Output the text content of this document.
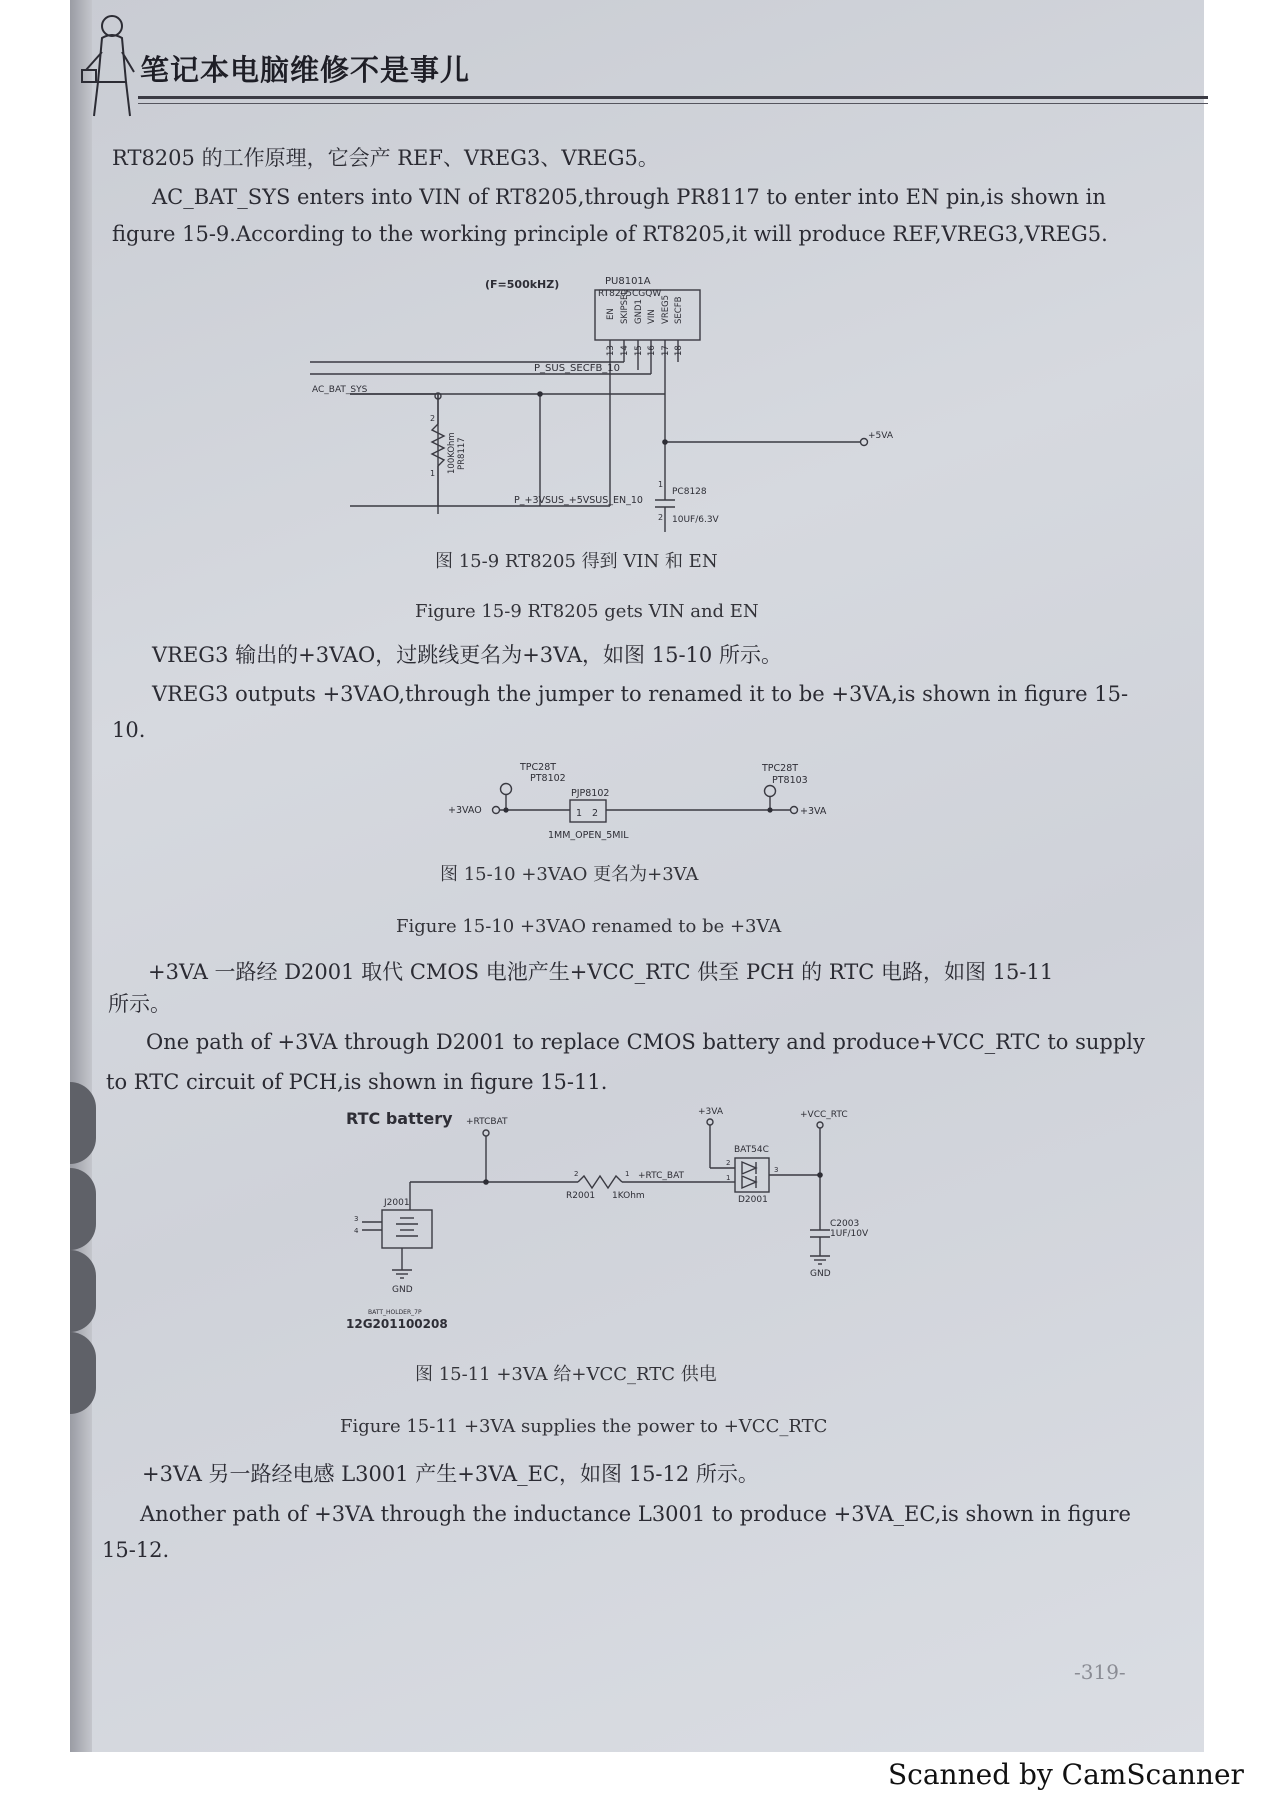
笔记本电脑维修不是事儿
RT8205 的工作原理，它会产 REF、VREG3、VREG5。
AC_BAT_SYS enters into VIN of RT8205,through PR8117 to enter into EN pin,is shown in
figure 15-9.According to the working principle of RT8205,it will produce REF,VREG3,VREG5.
(F=500kHZ)	PU8101A
RT8205CGQW
AC_BAT_SYS
P_SUS_SECFB_10
P_+3VSUS_+5VSUS_EN_10
+5VA
PC8128
10UF/6.3V
2
1
1
2
100KOhm PR8117
EN SKIPSEL GND1 VIN VREG5 SECFB
13 14 15 16 17 18
图 15-9 RT8205 得到 VIN 和 EN
Figure 15-9 RT8205 gets VIN and EN
VREG3 输出的+3VAO，过跳线更名为+3VA，如图 15-10 所示。
VREG3 outputs +3VAO,through the jumper to renamed it to be +3VA,is shown in figure 15-
10.
TPC28T
PT8102
TPC28T
PT8103
PJP8102
1MM_OPEN_5MIL
+3VAO	+3VA
1 2
图 15-10 +3VAO 更名为+3VA
Figure 15-10 +3VAO renamed to be +3VA
+3VA 一路经 D2001 取代 CMOS 电池产生+VCC_RTC 供至 PCH 的 RTC 电路，如图 15-11
所示。
One path of +3VA through D2001 to replace CMOS battery and produce+VCC_RTC to supply
to RTC circuit of PCH,is shown in figure 15-11.
RTC battery +RTCBAT
+3VA	+VCC_RTC
J2001
R2001 1KOhm
+RTC_BAT
BAT54C
D2001
C2003
1UF/10V
GND
GND
BATT_HOLDER_7P
12G201100208
3
4
2	1
2
1
3
图 15-11 +3VA 给+VCC_RTC 供电
Figure 15-11 +3VA supplies the power to +VCC_RTC
+3VA 另一路经电感 L3001 产生+3VA_EC，如图 15-12 所示。
Another path of +3VA through the inductance L3001 to produce +3VA_EC,is shown in figure
15-12.
-319-
Scanned by CamScanner
